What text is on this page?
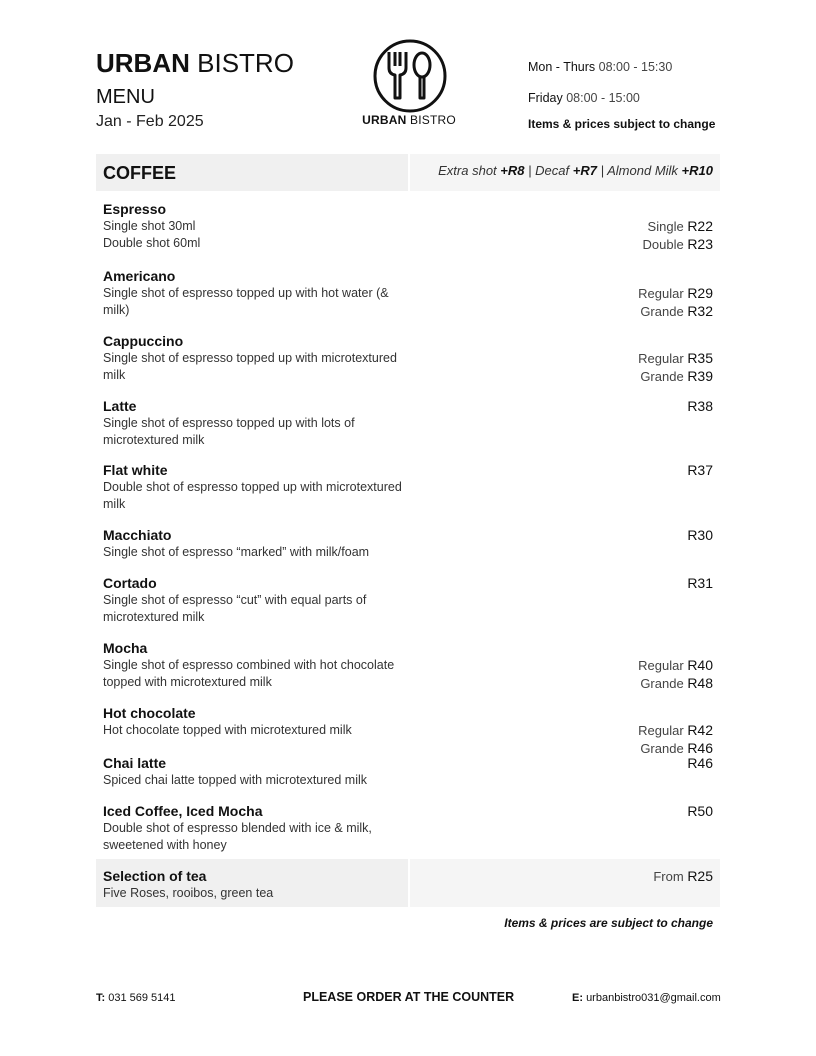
URBAN BISTRO
MENU
Jan - Feb 2025	URBAN BISTRO
Mon - Thurs 08:00 - 15:30
Friday 08:00 - 15:00
Items & prices subject to change
COFFEE	Extra shot +R8 | Decaf +R7 | Almond Milk +R10
Espresso
Single shot 30ml
Double shot 60ml
Single R22
Double R23
Americano
Single shot of espresso topped up with hot water (& milk)
Regular R29
Grande R32
Cappuccino
Single shot of espresso topped up with microtextured milk
Regular R35
Grande R39
Latte
Single shot of espresso topped up with lots of microtextured milk
R38
Flat white
Double shot of espresso topped up with microtextured milk
R37
Macchiato
Single shot of espresso “marked” with milk/foam
R30
Cortado
Single shot of espresso “cut” with equal parts of microtextured milk
R31
Mocha
Single shot of espresso combined with hot chocolate topped with microtextured milk
Regular R40
Grande R48
Hot chocolate
Hot chocolate topped with microtextured milk	Regular R42
Grande R46
Chai latte
Spiced chai latte topped with microtextured milk
R46
Iced Coffee, Iced Mocha
Double shot of espresso blended with ice & milk, sweetened with honey
R50
Selection of tea
Five Roses, rooibos, green tea
From R25
Items & prices are subject to change
T: 031 569 5141	PLEASE ORDER AT THE COUNTER	E: urbanbistro031@gmail.com
